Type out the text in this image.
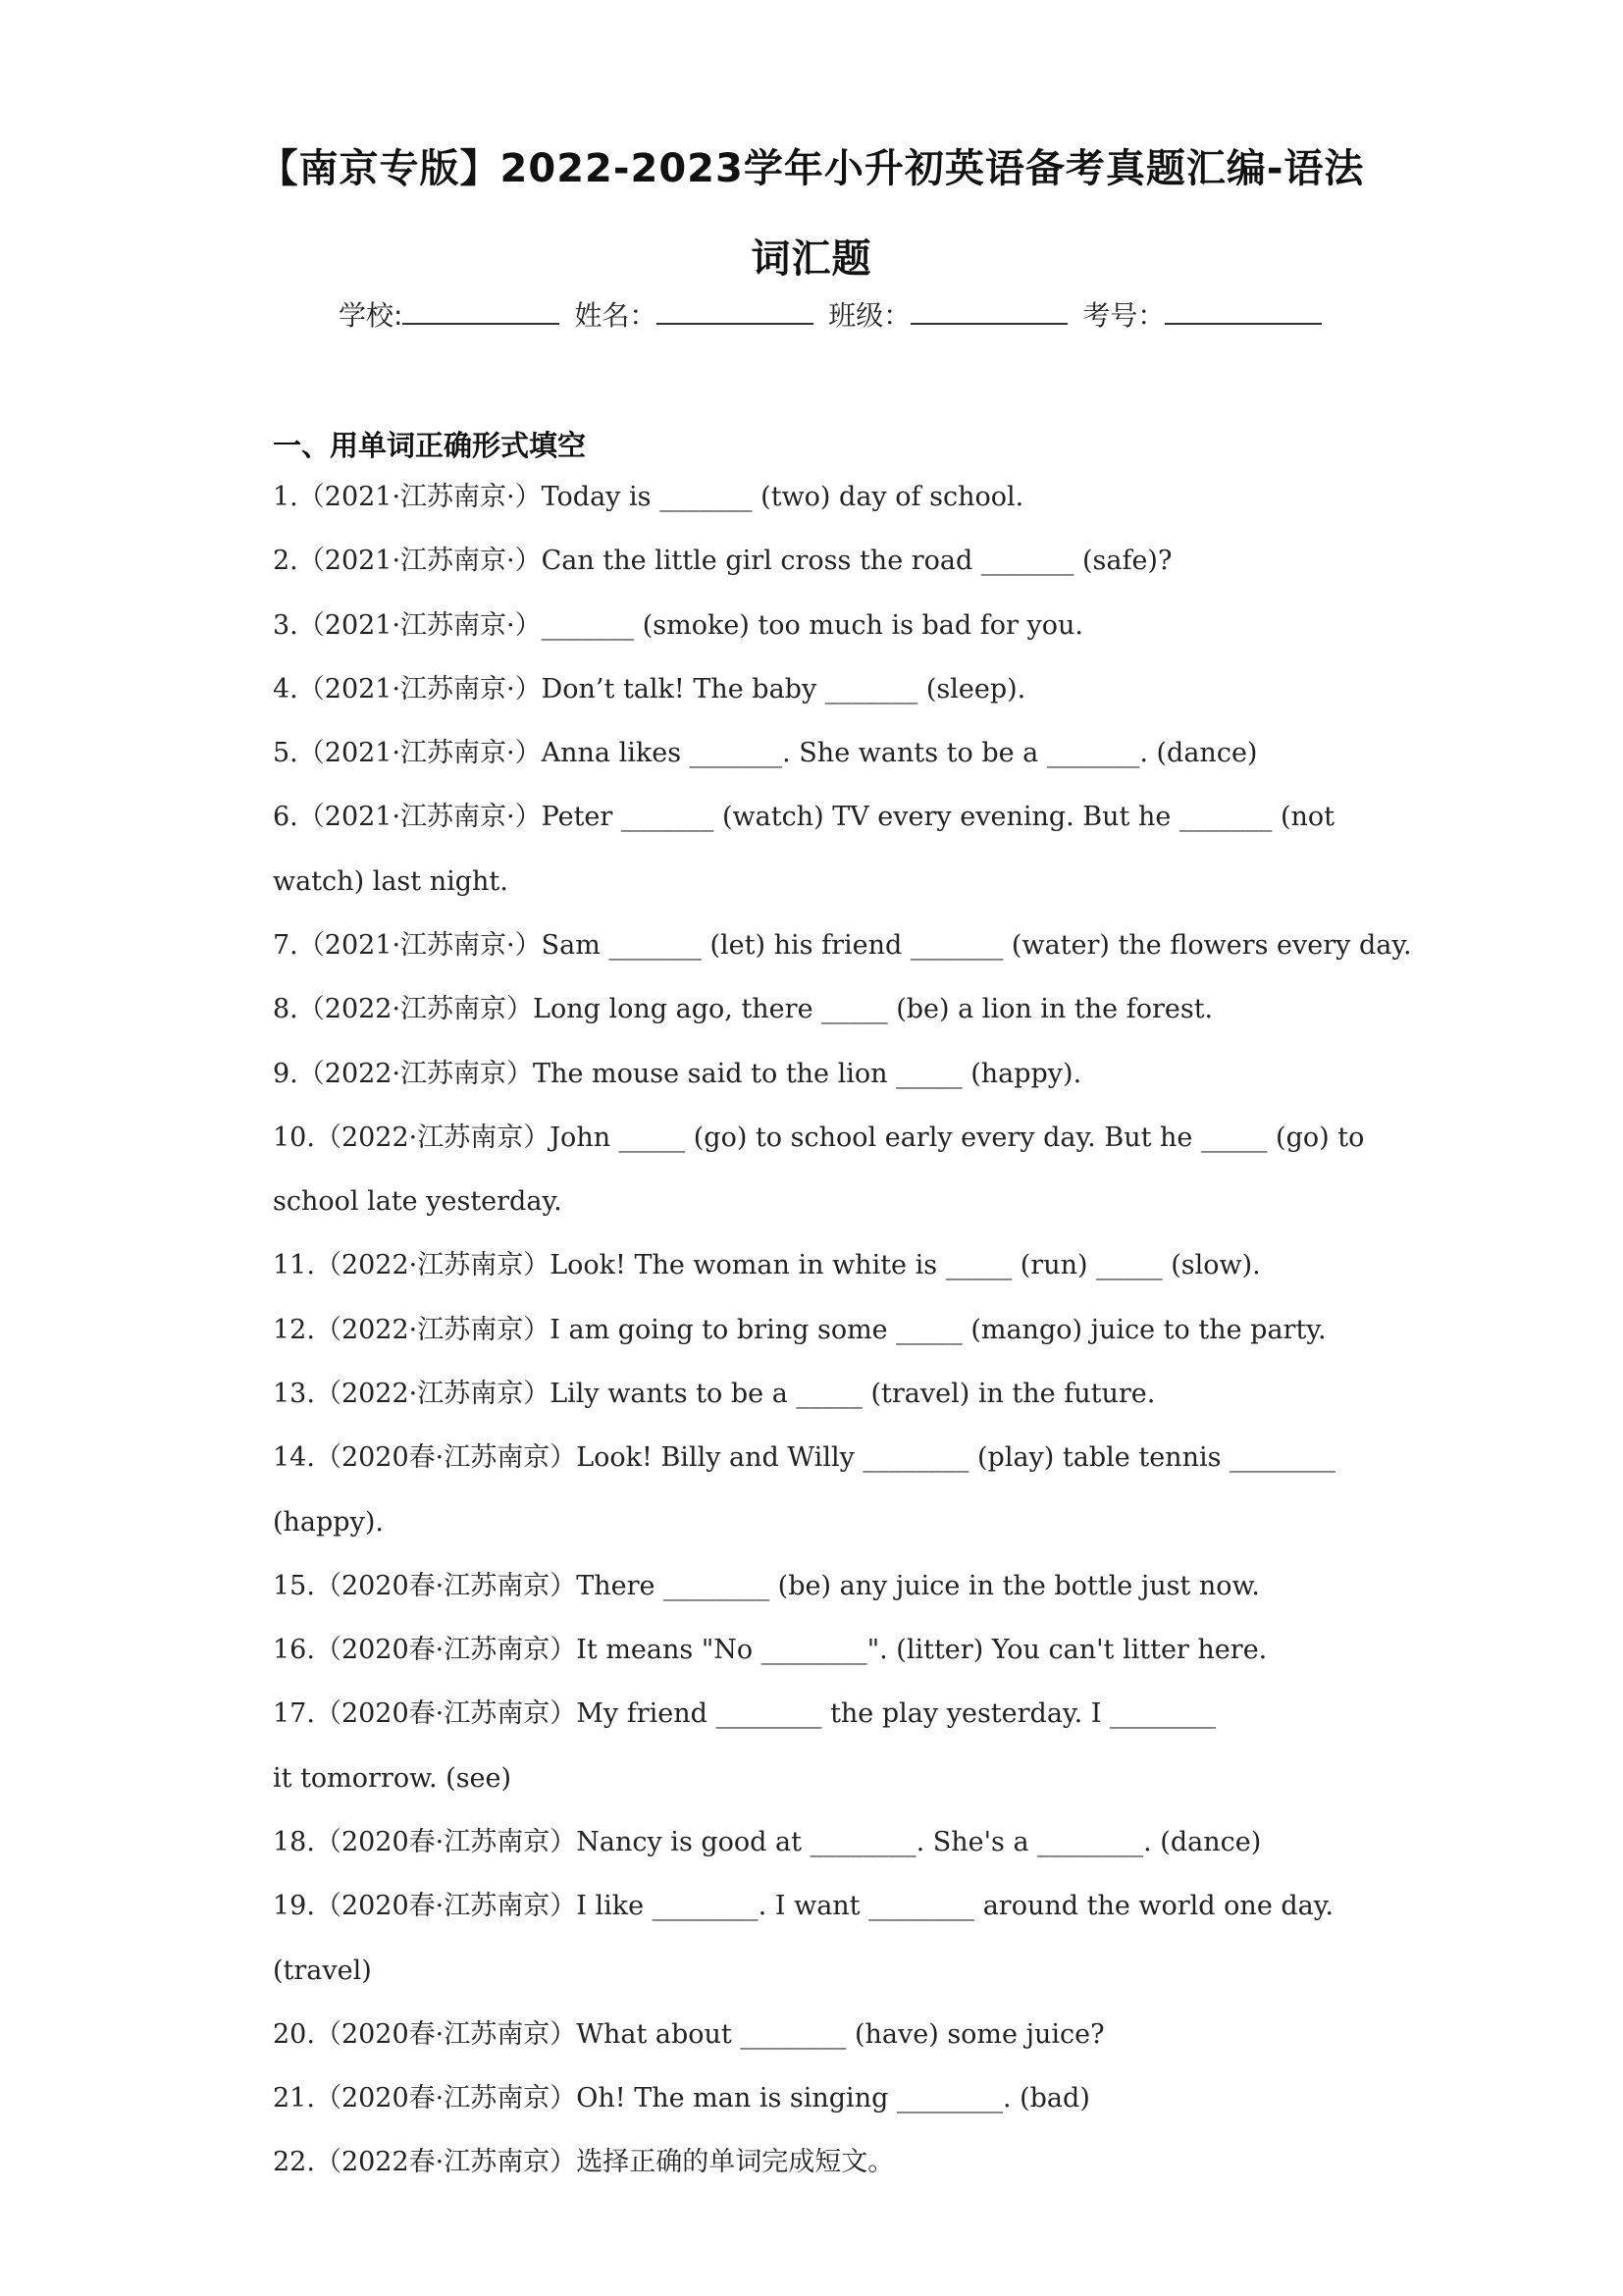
【南京专版】2022-2023学年小升初英语备考真题汇编-语法
词汇题
学校:	姓名：	班级：	考号：
一、用单词正确形式填空
1.（2021·江苏南京·）Today is _______ (two) day of school.
2.（2021·江苏南京·）Can the little girl cross the road _______ (safe)?
3.（2021·江苏南京·）_______ (smoke) too much is bad for you.
4.（2021·江苏南京·）Don’t talk! The baby _______ (sleep).
5.（2021·江苏南京·）Anna likes _______. She wants to be a _______. (dance)
6.（2021·江苏南京·）Peter _______ (watch) TV every evening. But he _______ (not
watch) last night.
7.（2021·江苏南京·）Sam _______ (let) his friend _______ (water) the flowers every day.
8.（2022·江苏南京）Long long ago, there _____ (be) a lion in the forest.
9.（2022·江苏南京）The mouse said to the lion _____ (happy).
10.（2022·江苏南京）John _____ (go) to school early every day. But he _____ (go) to
school late yesterday.
11.（2022·江苏南京）Look! The woman in white is _____ (run) _____ (slow).
12.（2022·江苏南京）I am going to bring some _____ (mango) juice to the party.
13.（2022·江苏南京）Lily wants to be a _____ (travel) in the future.
14.（2020春·江苏南京）Look! Billy and Willy ________ (play) table tennis ________
(happy).
15.（2020春·江苏南京）There ________ (be) any juice in the bottle just now.
16.（2020春·江苏南京）It means "No ________". (litter) You can't litter here.
17.（2020春·江苏南京）My friend ________ the play yesterday. I ________
it tomorrow. (see)
18.（2020春·江苏南京）Nancy is good at ________. She's a ________. (dance)
19.（2020春·江苏南京）I like ________. I want ________ around the world one day.
(travel)
20.（2020春·江苏南京）What about ________ (have) some juice?
21.（2020春·江苏南京）Oh! The man is singing ________. (bad)
22.（2022春·江苏南京）选择正确的单词完成短文。
